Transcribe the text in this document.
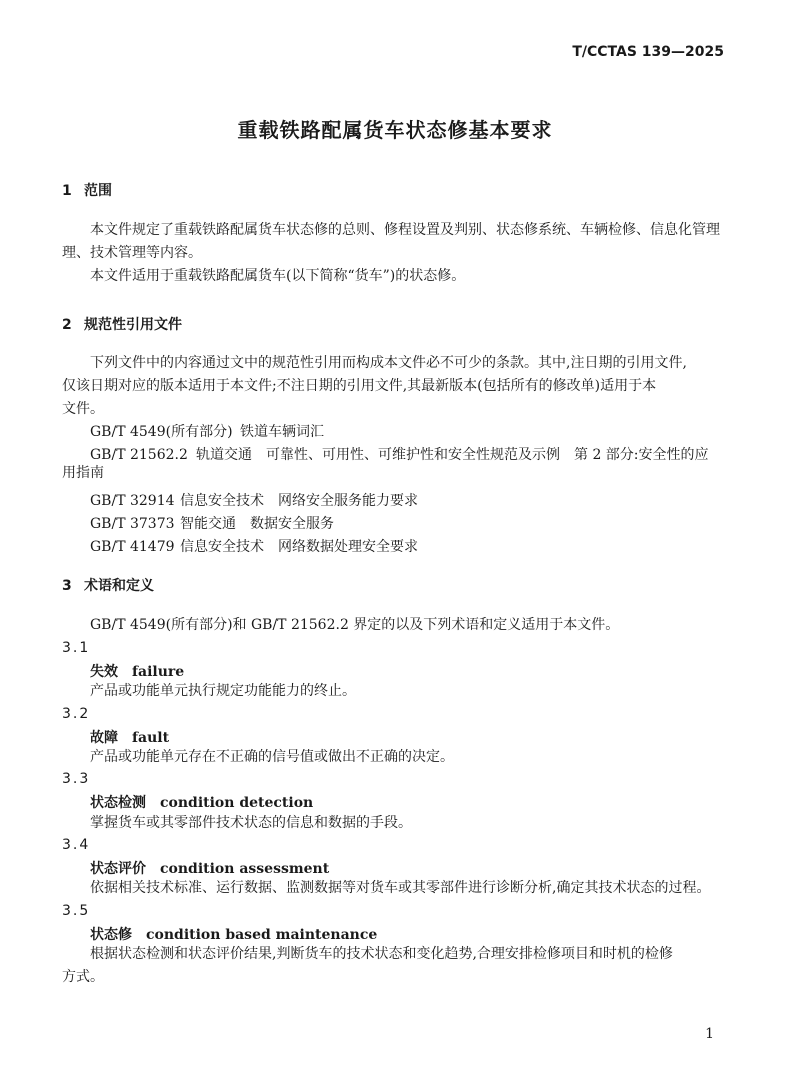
T/CCTAS 139—2025
重载铁路配属货车状态修基本要求
1 范围
本文件规定了重载铁路配属货车状态修的总则、修程设置及判别、状态修系统、车辆检修、信息化管理
理、技术管理等内容。
本文件适用于重载铁路配属货车(以下简称“货车”)的状态修。
2 规范性引用文件
下列文件中的内容通过文中的规范性引用而构成本文件必不可少的条款。其中,注日期的引用文件,
仅该日期对应的版本适用于本文件;不注日期的引用文件,其最新版本(包括所有的修改单)适用于本
文件。
GB/T 4549(所有部分) 铁道车辆词汇
GB/T 21562.2 轨道交通　可靠性、可用性、可维护性和安全性规范及示例　第 2 部分:安全性的应
用指南
GB/T 32914 信息安全技术　网络安全服务能力要求
GB/T 37373 智能交通　数据安全服务
GB/T 41479 信息安全技术　网络数据处理安全要求
3 术语和定义
GB/T 4549(所有部分)和 GB/T 21562.2 界定的以及下列术语和定义适用于本文件。
3.1
失效 failure
产品或功能单元执行规定功能能力的终止。
3.2
故障 fault
产品或功能单元存在不正确的信号值或做出不正确的决定。
3.3
状态检测 condition detection
掌握货车或其零部件技术状态的信息和数据的手段。
3.4
状态评价 condition assessment
依据相关技术标准、运行数据、监测数据等对货车或其零部件进行诊断分析,确定其技术状态的过程。
3.5
状态修 condition based maintenance
根据状态检测和状态评价结果,判断货车的技术状态和变化趋势,合理安排检修项目和时机的检修
方式。
1
